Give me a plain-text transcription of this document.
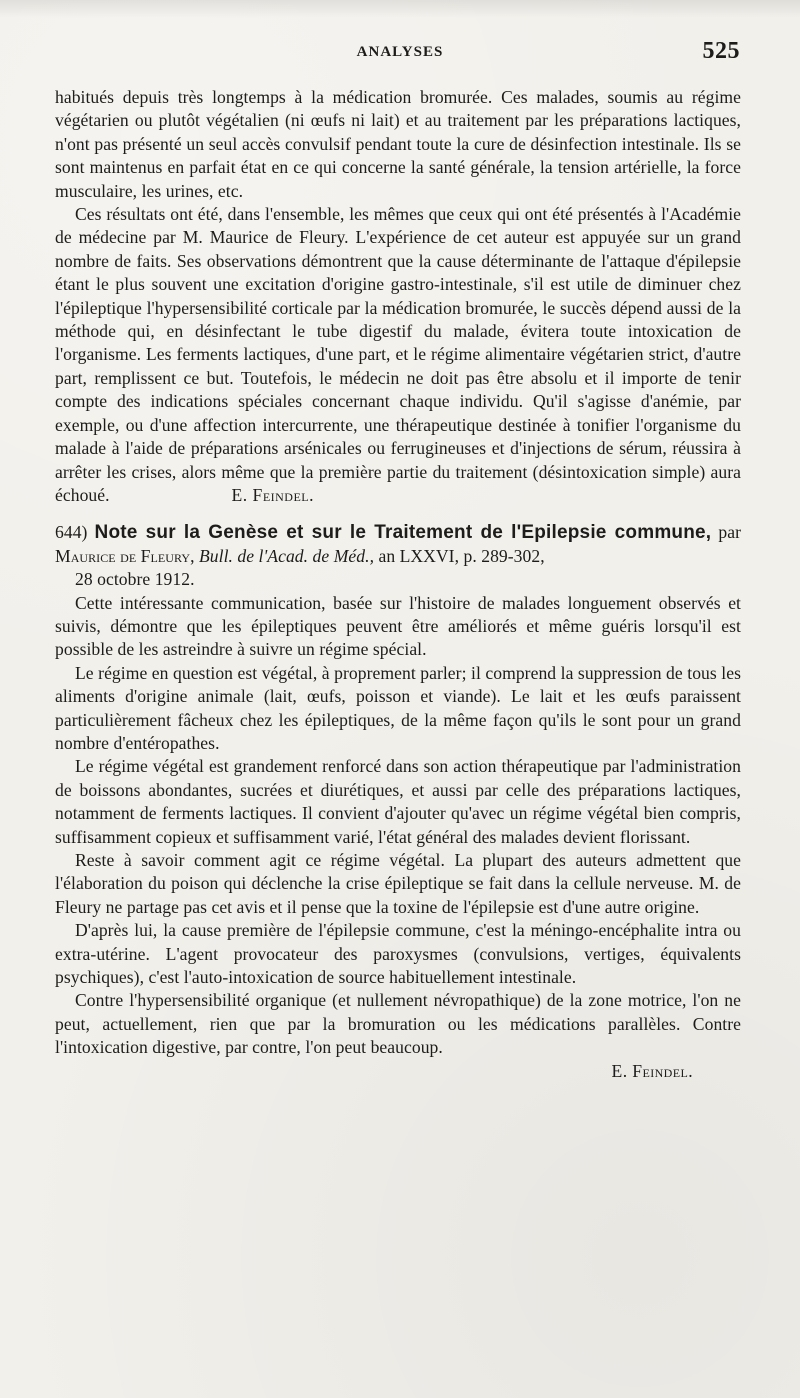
ANALYSES	525

habitués depuis très longtemps à la médication bromurée. Ces malades, soumis au régime végétarien ou plutôt végétalien (ni œufs ni lait) et au traitement par les préparations lactiques, n'ont pas présenté un seul accès convulsif pendant toute la cure de désinfection intestinale. Ils se sont maintenus en parfait état en ce qui concerne la santé générale, la tension artérielle, la force musculaire, les urines, etc.

Ces résultats ont été, dans l'ensemble, les mêmes que ceux qui ont été présentés à l'Académie de médecine par M. Maurice de Fleury. L'expérience de cet auteur est appuyée sur un grand nombre de faits. Ses observations démontrent que la cause déterminante de l'attaque d'épilepsie étant le plus souvent une excitation d'origine gastro-intestinale, s'il est utile de diminuer chez l'épileptique l'hypersensibilité corticale par la médication bromurée, le succès dépend aussi de la méthode qui, en désinfectant le tube digestif du malade, évitera toute intoxication de l'organisme. Les ferments lactiques, d'une part, et le régime alimentaire végétarien strict, d'autre part, remplissent ce but. Toutefois, le médecin ne doit pas être absolu et il importe de tenir compte des indications spéciales concernant chaque individu. Qu'il s'agisse d'anémie, par exemple, ou d'une affection intercurrente, une thérapeutique destinée à tonifier l'organisme du malade à l'aide de préparations arsénicales ou ferrugineuses et d'injections de sérum, réussira à arrêter les crises, alors même que la première partie du traitement (désintoxication simple) aura échoué.	E. Feindel.

644) Note sur la Genèse et sur le Traitement de l'Epilepsie commune, par Maurice de Fleury, Bull. de l'Acad. de Méd., an LXXVI, p. 289-302,
28 octobre 1912.

Cette intéressante communication, basée sur l'histoire de malades longuement observés et suivis, démontre que les épileptiques peuvent être améliorés et même guéris lorsqu'il est possible de les astreindre à suivre un régime spécial.

Le régime en question est végétal, à proprement parler; il comprend la suppression de tous les aliments d'origine animale (lait, œufs, poisson et viande). Le lait et les œufs paraissent particulièrement fâcheux chez les épileptiques, de la même façon qu'ils le sont pour un grand nombre d'entéropathes.

Le régime végétal est grandement renforcé dans son action thérapeutique par l'administration de boissons abondantes, sucrées et diurétiques, et aussi par celle des préparations lactiques, notamment de ferments lactiques. Il convient d'ajouter qu'avec un régime végétal bien compris, suffisamment copieux et suffisamment varié, l'état général des malades devient florissant.

Reste à savoir comment agit ce régime végétal. La plupart des auteurs admettent que l'élaboration du poison qui déclenche la crise épileptique se fait dans la cellule nerveuse. M. de Fleury ne partage pas cet avis et il pense que la toxine de l'épilepsie est d'une autre origine.

D'après lui, la cause première de l'épilepsie commune, c'est la méningo-encéphalite intra ou extra-utérine. L'agent provocateur des paroxysmes (convulsions, vertiges, équivalents psychiques), c'est l'auto-intoxication de source habituellement intestinale.

Contre l'hypersensibilité organique (et nullement névropathique) de la zone motrice, l'on ne peut, actuellement, rien que par la bromuration ou les médications parallèles. Contre l'intoxication digestive, par contre, l'on peut beaucoup.

E. Feindel.
